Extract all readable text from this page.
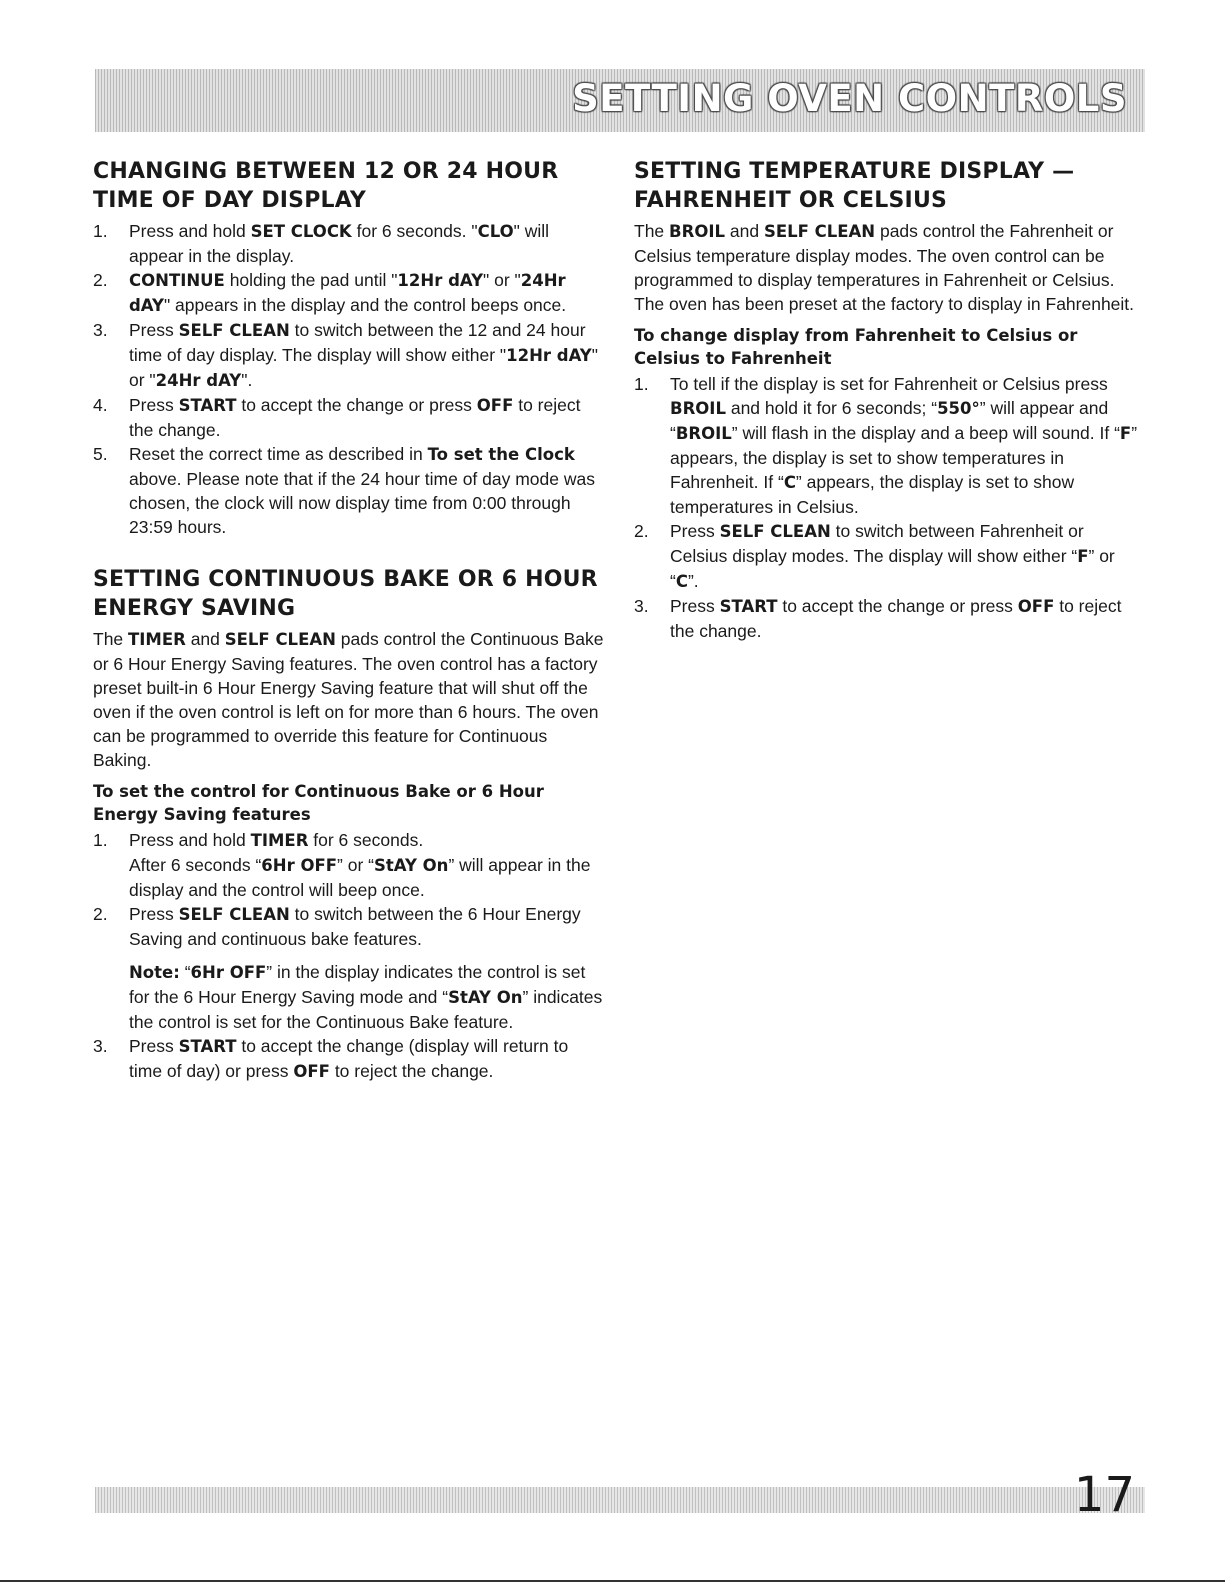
SETTING OVEN CONTROLS
CHANGING BETWEEN 12 OR 24 HOUR TIME OF DAY DISPLAY
1. Press and hold SET CLOCK for 6 seconds. "CLO" will appear in the display.
2. CONTINUE holding the pad until "12Hr dAY" or "24Hr dAY" appears in the display and the control beeps once.
3. Press SELF CLEAN to switch between the 12 and 24 hour time of day display. The display will show either "12Hr dAY" or "24Hr dAY".
4. Press START to accept the change or press OFF to reject the change.
5. Reset the correct time as described in To set the Clock above. Please note that if the 24 hour time of day mode was chosen, the clock will now display time from 0:00 through 23:59 hours.
SETTING CONTINUOUS BAKE OR 6 HOUR ENERGY SAVING

The TIMER and SELF CLEAN pads control the Continuous Bake or 6 Hour Energy Saving features. The oven control has a factory preset built-in 6 Hour Energy Saving feature that will shut off the oven if the oven control is left on for more than 6 hours. The oven can be programmed to override this feature for Continuous Baking.

To set the control for Continuous Bake or 6 Hour Energy Saving features
1. Press and hold TIMER for 6 seconds.
After 6 seconds “6Hr OFF” or “StAY On” will appear in the display and the control will beep once.
2. Press SELF CLEAN to switch between the 6 Hour Energy Saving and continuous bake features.
Note: “6Hr OFF” in the display indicates the control is set for the 6 Hour Energy Saving mode and “StAY On” indicates the control is set for the Continuous Bake feature.
3. Press START to accept the change (display will return to time of day) or press OFF to reject the change.
SETTING TEMPERATURE DISPLAY — FAHRENHEIT OR CELSIUS

The BROIL and SELF CLEAN pads control the Fahrenheit or Celsius temperature display modes. The oven control can be programmed to display temperatures in Fahrenheit or Celsius. The oven has been preset at the factory to display in Fahrenheit.

To change display from Fahrenheit to Celsius or Celsius to Fahrenheit
1. To tell if the display is set for Fahrenheit or Celsius press BROIL and hold it for 6 seconds; “550°” will appear and “BROIL” will flash in the display and a beep will sound. If “F” appears, the display is set to show temperatures in Fahrenheit. If “C” appears, the display is set to show temperatures in Celsius.
2. Press SELF CLEAN to switch between Fahrenheit or Celsius display modes. The display will show either “F” or “C”.
3. Press START to accept the change or press OFF to reject the change.
17
